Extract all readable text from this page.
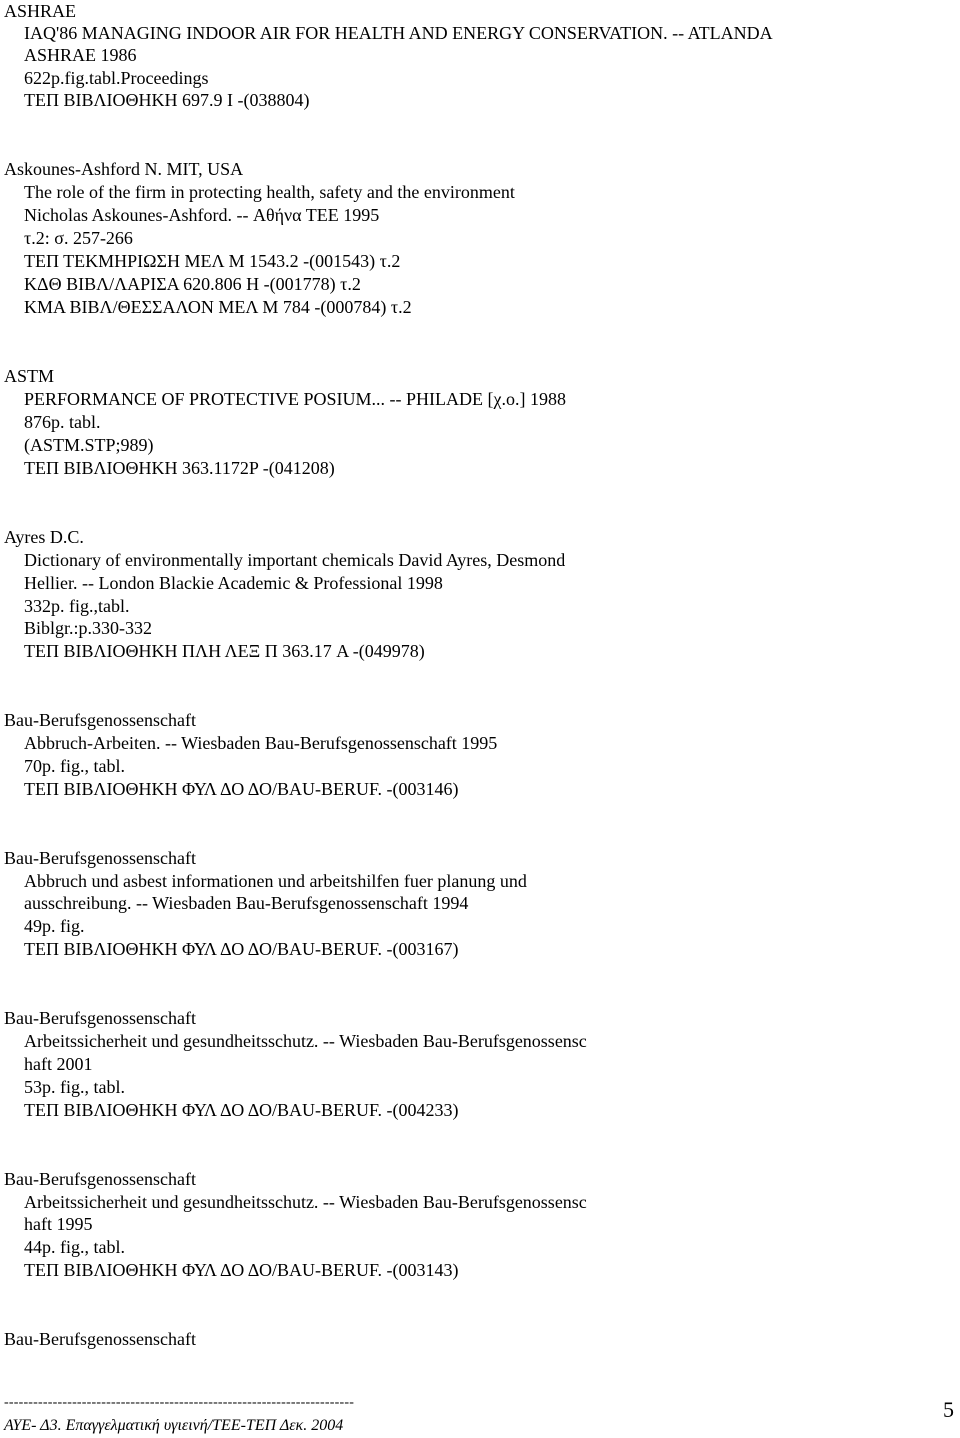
ASHRAE
IAQ'86 MANAGING INDOOR AIR FOR HEALTH AND ENERGY CONSERVATION. -- ATLANDA
ASHRAE 1986
622p.fig.tabl.Proceedings
ΤΕΠ ΒΙΒΛΙΟΘΗΚΗ 697.9 I -(038804)
Askounes-Ashford N. MIT, USA
The role of the firm in protecting health, safety and the environment
Nicholas Askounes-Ashford. -- Αθήνα ΤΕΕ 1995
τ.2: σ. 257-266
ΤΕΠ ΤΕΚΜΗΡΙΩΣΗ ΜΕΛ Μ 1543.2 -(001543) τ.2
ΚΔΘ ΒΙΒΛ/ΛΑΡΙΣΑ 620.806 H -(001778) τ.2
ΚΜΑ ΒΙΒΛ/ΘΕΣΣΑΛΟΝ ΜΕΛ Μ 784 -(000784) τ.2
ASTM
PERFORMANCE OF PROTECTIVE POSIUM... -- PHILADE [χ.ο.] 1988
876p. tabl.
(ASTM.STP;989)
ΤΕΠ ΒΙΒΛΙΟΘΗΚΗ 363.1172P -(041208)
Ayres D.C.
Dictionary of environmentally important chemicals David Ayres, Desmond
Hellier. -- London Blackie Academic & Professional 1998
332p. fig.,tabl.
Biblgr.:p.330-332
ΤΕΠ ΒΙΒΛΙΟΘΗΚΗ ΠΛΗ ΛΕΞ Π 363.17 A -(049978)
Bau-Berufsgenossenschaft
Abbruch-Arbeiten. -- Wiesbaden Bau-Berufsgenossenschaft 1995
70p. fig., tabl.
ΤΕΠ ΒΙΒΛΙΟΘΗΚΗ ΦΥΛ ΔΟ ΔΟ/BAU-BERUF. -(003146)
Bau-Berufsgenossenschaft
Abbruch und asbest informationen und arbeitshilfen fuer planung und
ausschreibung. -- Wiesbaden Bau-Berufsgenossenschaft 1994
49p. fig.
ΤΕΠ ΒΙΒΛΙΟΘΗΚΗ ΦΥΛ ΔΟ ΔΟ/BAU-BERUF. -(003167)
Bau-Berufsgenossenschaft
Arbeitssicherheit und gesundheitsschutz. -- Wiesbaden Bau-Berufsgenossensc
haft 2001
53p. fig., tabl.
ΤΕΠ ΒΙΒΛΙΟΘΗΚΗ ΦΥΛ ΔΟ ΔΟ/BAU-BERUF. -(004233)
Bau-Berufsgenossenschaft
Arbeitssicherheit und gesundheitsschutz. -- Wiesbaden Bau-Berufsgenossensc
haft 1995
44p. fig., tabl.
ΤΕΠ ΒΙΒΛΙΟΘΗΚΗ ΦΥΛ ΔΟ ΔΟ/BAU-BERUF. -(003143)
Bau-Berufsgenossenschaft
------------------------------------------------------------------------
ΑΥΕ- Δ3. Επαγγελματική υγιεινή/ΤΕΕ-ΤΕΠ Δεκ. 2004
5
